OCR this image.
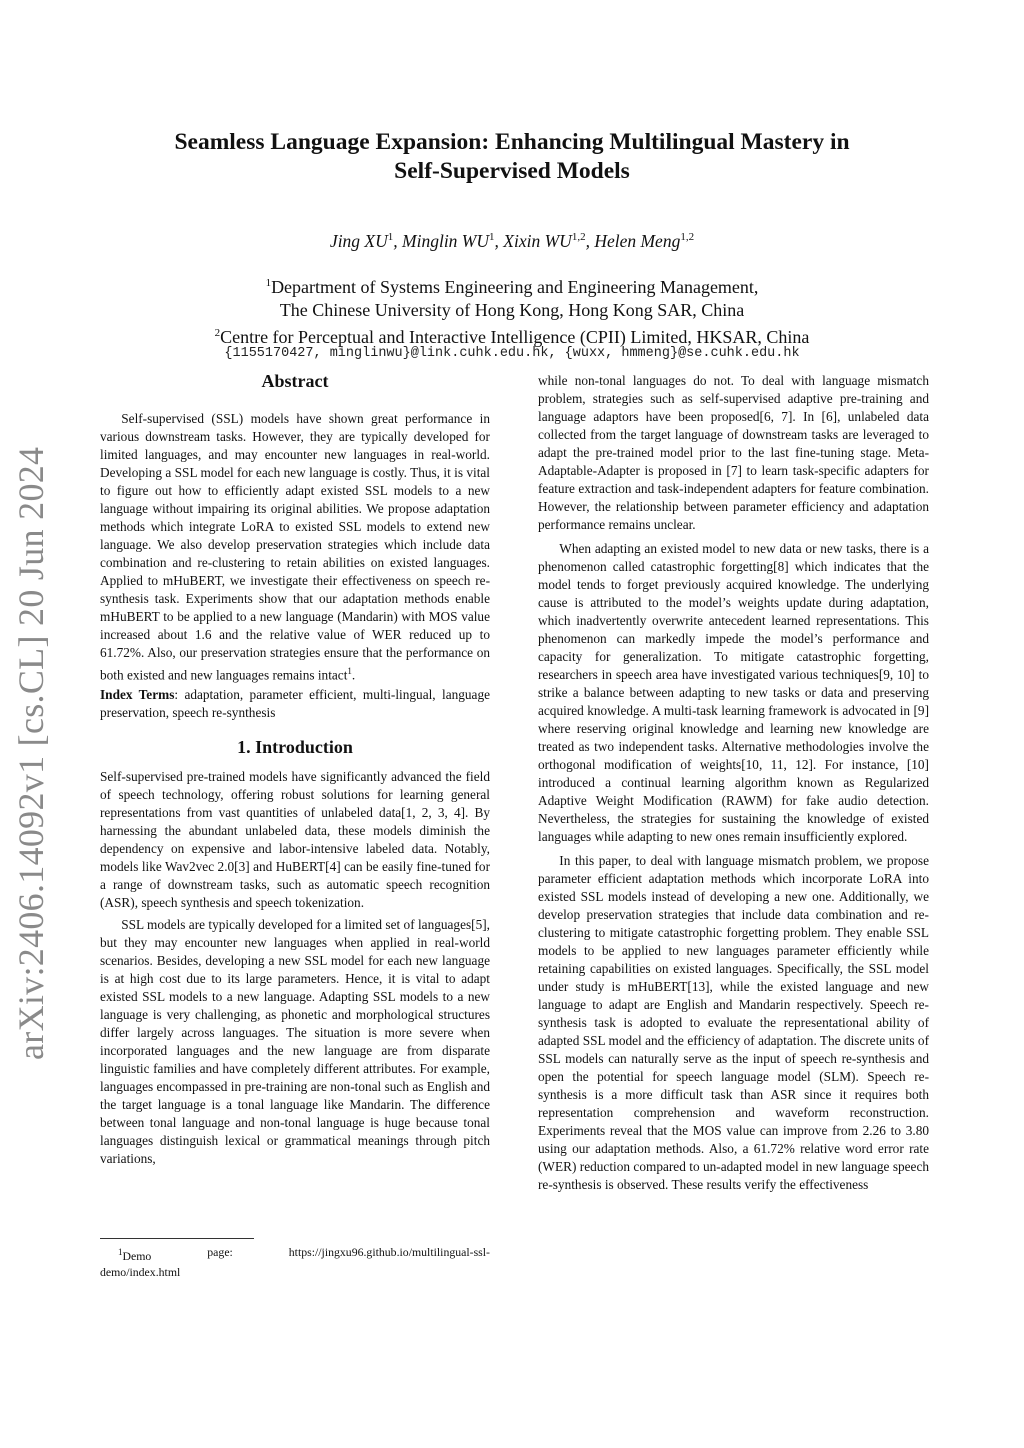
arXiv:2406.14092v1 [cs.CL] 20 Jun 2024
Seamless Language Expansion: Enhancing Multilingual Mastery in
Self-Supervised Models
Jing $XU^1$, Minglin $WU^1$, Xixin WU$^{1,2}$, Helen Meng$^{1,2}$
$^1$Department of Systems Engineering and Engineering Management,
The Chinese University of Hong Kong, Hong Kong SAR, China
$^2$Centre for Perceptual and Interactive Intelligence (CPII) Limited, HKSAR, China
{1155170427, minglinwu}@link.cuhk.edu.hk, {wuxx, hmmeng}@se.cuhk.edu.hk
Abstract

Self-supervised (SSL) models have shown great performance in various downstream tasks. However, they are typically developed for limited languages, and may encounter new languages in real-world. Developing a SSL model for each new language is costly. Thus, it is vital to figure out how to efficiently adapt existed SSL models to a new language without impairing its original abilities. We propose adaptation methods which integrate LoRA to existed SSL models to extend new language. We also develop preservation strategies which include data combination and re-clustering to retain abilities on existed languages. Applied to mHuBERT, we investigate their effectiveness on speech re-synthesis task. Experiments show that our adaptation methods enable mHuBERT to be applied to a new language (Mandarin) with MOS value increased about 1.6 and the relative value of WER reduced up to 61.72%. Also, our preservation strategies ensure that the performance on both existed and new languages remains intact$^1$.

Index Terms: adaptation, parameter efficient, multi-lingual, language preservation, speech re-synthesis

1. Introduction

Self-supervised pre-trained models have significantly advanced the field of speech technology, offering robust solutions for learning general representations from vast quantities of unlabeled data[1, 2, 3, 4]. By harnessing the abundant unlabeled data, these models diminish the dependency on expensive and labor-intensive labeled data. Notably, models like Wav2vec 2.0[3] and HuBERT[4] can be easily fine-tuned for a range of downstream tasks, such as automatic speech recognition (ASR), speech synthesis and speech tokenization.

SSL models are typically developed for a limited set of languages[5], but they may encounter new languages when applied in real-world scenarios. Besides, developing a new SSL model for each new language is at high cost due to its large parameters. Hence, it is vital to adapt existed SSL models to a new language. Adapting SSL models to a new language is very challenging, as phonetic and morphological structures differ largely across languages. The situation is more severe when incorporated languages and the new language are from disparate linguistic families and have completely different attributes. For example, languages encompassed in pre-training are non-tonal such as English and the target language is a tonal language like Mandarin. The difference between tonal language and non-tonal language is huge because tonal languages distinguish lexical or grammatical meanings through pitch variations,

while non-tonal languages do not. To deal with language mismatch problem, strategies such as self-supervised adaptive pre-training and language adaptors have been proposed[6, 7]. In [6], unlabeled data collected from the target language of downstream tasks are leveraged to adapt the pre-trained model prior to the last fine-tuning stage. Meta-Adaptable-Adapter is proposed in [7] to learn task-specific adapters for feature extraction and task-independent adapters for feature combination. However, the relationship between parameter efficiency and adaptation performance remains unclear.

When adapting an existed model to new data or new tasks, there is a phenomenon called catastrophic forgetting[8] which indicates that the model tends to forget previously acquired knowledge. The underlying cause is attributed to the model’s weights update during adaptation, which inadvertently overwrite antecedent learned representations. This phenomenon can markedly impede the model’s performance and capacity for generalization. To mitigate catastrophic forgetting, researchers in speech area have investigated various techniques[9, 10] to strike a balance between adapting to new tasks or data and preserving acquired knowledge. A multi-task learning framework is advocated in [9] where reserving original knowledge and learning new knowledge are treated as two independent tasks. Alternative methodologies involve the orthogonal modification of weights[10, 11, 12]. For instance, [10] introduced a continual learning algorithm known as Regularized Adaptive Weight Modification (RAWM) for fake audio detection. Nevertheless, the strategies for sustaining the knowledge of existed languages while adapting to new ones remain insufficiently explored.

In this paper, to deal with language mismatch problem, we propose parameter efficient adaptation methods which incorporate LoRA into existed SSL models instead of developing a new one. Additionally, we develop preservation strategies that include data combination and re-clustering to mitigate catastrophic forgetting problem. They enable SSL models to be applied to new languages parameter efficiently while retaining capabilities on existed languages. Specifically, the SSL model under study is mHuBERT[13], while the existed language and new language to adapt are English and Mandarin respectively. Speech re-synthesis task is adopted to evaluate the representational ability of adapted SSL model and the efficiency of adaptation. The discrete units of SSL models can naturally serve as the input of speech re-synthesis and open the potential for speech language model (SLM). Speech re-synthesis is a more difficult task than ASR since it requires both representation comprehension and waveform reconstruction. Experiments reveal that the MOS value can improve from 2.26 to 3.80 using our adaptation methods. Also, a 61.72% relative word error rate (WER) reduction compared to un-adapted model in new language speech re-synthesis is observed. These results verify the effectiveness

$^1$Demo	page:	https://jingxu96.github.io/multilingual-ssl-
demo/index.html
